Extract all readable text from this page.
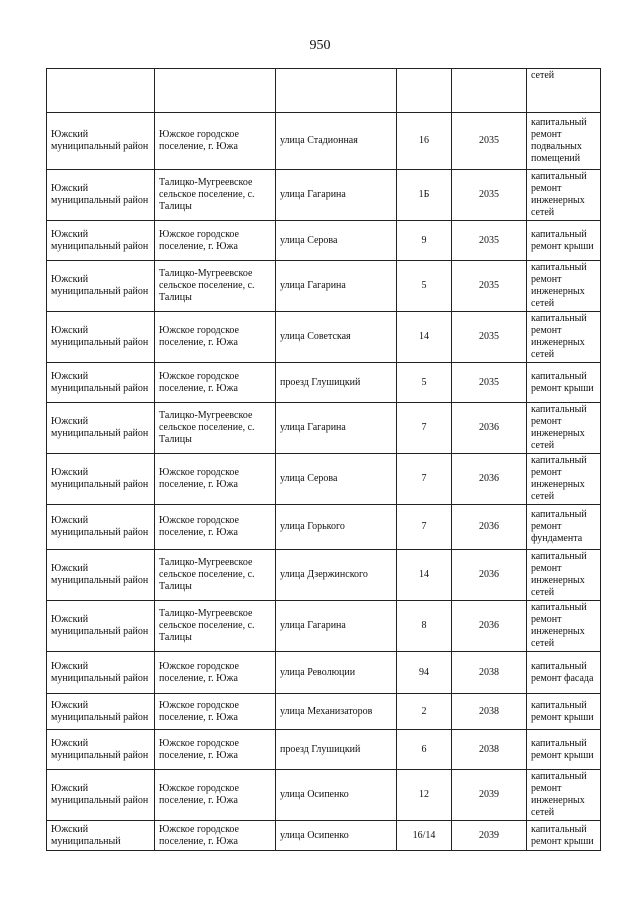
950
					сетей
Южский муниципальный район	Южское городское поселение, г. Южа	улица Стадионная	16	2035	капитальный ремонт подвальных помещений
Южский муниципальный район	Талицко-Мугреевское сельское поселение, с. Талицы	улица Гагарина	1Б	2035	капитальный ремонт инженерных сетей
Южский муниципальный район	Южское городское поселение, г. Южа	улица Серова	9	2035	капитальный ремонт крыши
Южский муниципальный район	Талицко-Мугреевское сельское поселение, с. Талицы	улица Гагарина	5	2035	капитальный ремонт инженерных сетей
Южский муниципальный район	Южское городское поселение, г. Южа	улица Советская	14	2035	капитальный ремонт инженерных сетей
Южский муниципальный район	Южское городское поселение, г. Южа	проезд Глушицкий	5	2035	капитальный ремонт крыши
Южский муниципальный район	Талицко-Мугреевское сельское поселение, с. Талицы	улица Гагарина	7	2036	капитальный ремонт инженерных сетей
Южский муниципальный район	Южское городское поселение, г. Южа	улица Серова	7	2036	капитальный ремонт инженерных сетей
Южский муниципальный район	Южское городское поселение, г. Южа	улица Горького	7	2036	капитальный ремонт фундамента
Южский муниципальный район	Талицко-Мугреевское сельское поселение, с. Талицы	улица Дзержинского	14	2036	капитальный ремонт инженерных сетей
Южский муниципальный район	Талицко-Мугреевское сельское поселение, с. Талицы	улица Гагарина	8	2036	капитальный ремонт инженерных сетей
Южский муниципальный район	Южское городское поселение, г. Южа	улица Революции	94	2038	капитальный ремонт фасада
Южский муниципальный район	Южское городское поселение, г. Южа	улица Механизаторов	2	2038	капитальный ремонт крыши
Южский муниципальный район	Южское городское поселение, г. Южа	проезд Глушицкий	6	2038	капитальный ремонт крыши
Южский муниципальный район	Южское городское поселение, г. Южа	улица Осипенко	12	2039	капитальный ремонт инженерных сетей
Южский муниципальный	Южское городское поселение, г. Южа	улица Осипенко	16/14	2039	капитальный ремонт крыши
